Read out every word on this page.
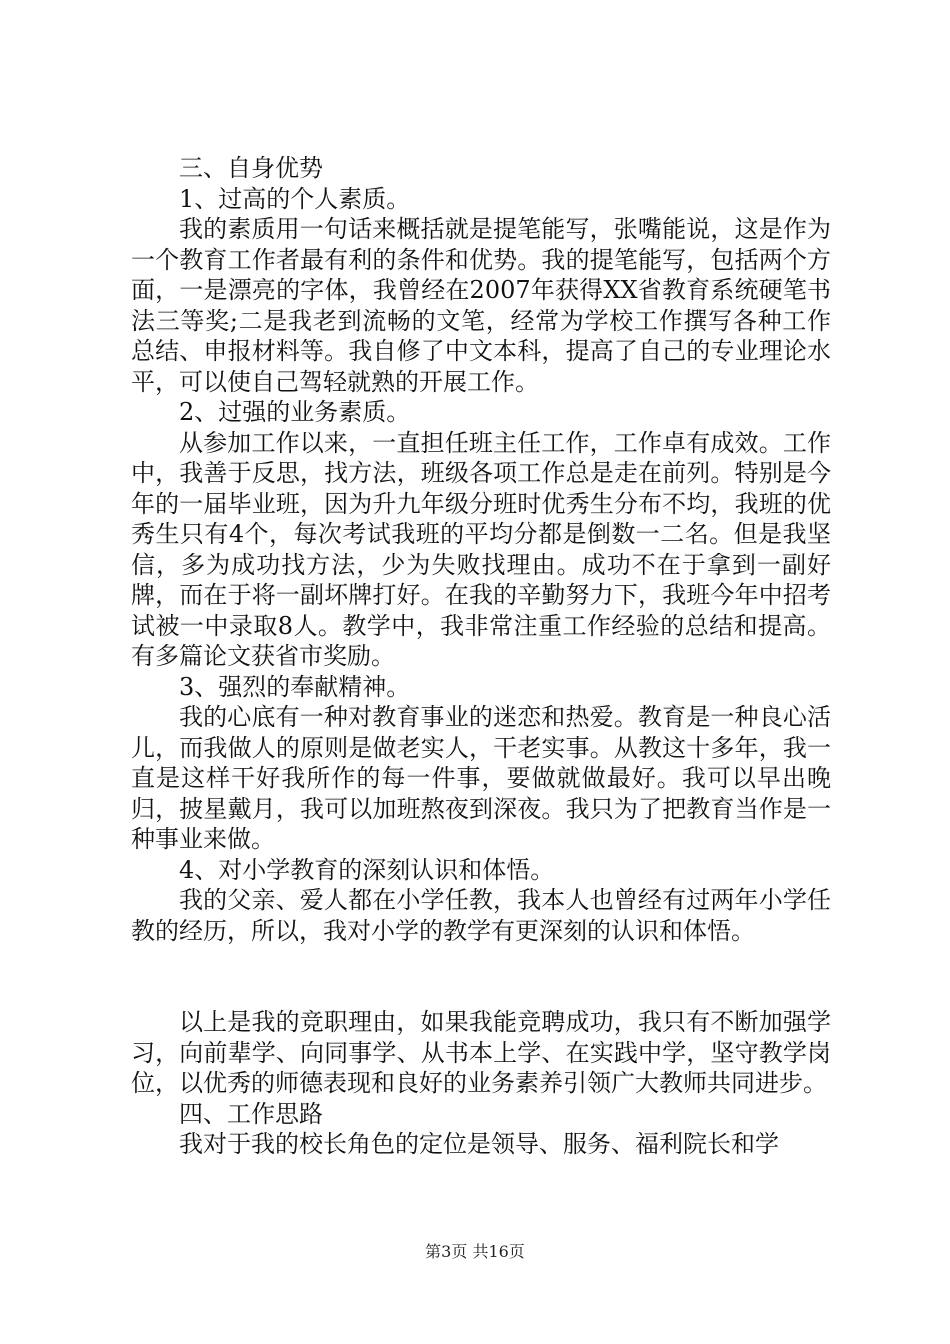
三、自身优势

1、过高的个人素质。

我的素质用一句话来概括就是提笔能写，张嘴能说，这是作为一个教育工作者最有利的条件和优势。我的提笔能写，包括两个方面，一是漂亮的字体，我曾经在2007年获得XX省教育系统硬笔书法三等奖;二是我老到流畅的文笔，经常为学校工作撰写各种工作总结、申报材料等。我自修了中文本科，提高了自己的专业理论水平，可以使自己驾轻就熟的开展工作。

2、过强的业务素质。

从参加工作以来，一直担任班主任工作，工作卓有成效。工作中，我善于反思，找方法，班级各项工作总是走在前列。特别是今年的一届毕业班，因为升九年级分班时优秀生分布不均，我班的优秀生只有4个，每次考试我班的平均分都是倒数一二名。但是我坚信，多为成功找方法，少为失败找理由。成功不在于拿到一副好牌，而在于将一副坏牌打好。在我的辛勤努力下，我班今年中招考试被一中录取8人。教学中，我非常注重工作经验的总结和提高。有多篇论文获省市奖励。

3、强烈的奉献精神。

我的心底有一种对教育事业的迷恋和热爱。教育是一种良心活儿，而我做人的原则是做老实人，干老实事。从教这十多年，我一直是这样干好我所作的每一件事，要做就做最好。我可以早出晚归，披星戴月，我可以加班熬夜到深夜。我只为了把教育当作是一种事业来做。

4、对小学教育的深刻认识和体悟。

我的父亲、爱人都在小学任教，我本人也曾经有过两年小学任教的经历，所以，我对小学的教学有更深刻的认识和体悟。

以上是我的竞职理由，如果我能竞聘成功，我只有不断加强学习，向前辈学、向同事学、从书本上学、在实践中学，坚守教学岗位，以优秀的师德表现和良好的业务素养引领广大教师共同进步。

四、工作思路

我对于我的校长角色的定位是领导、服务、福利院长和学

第3页 共16页
